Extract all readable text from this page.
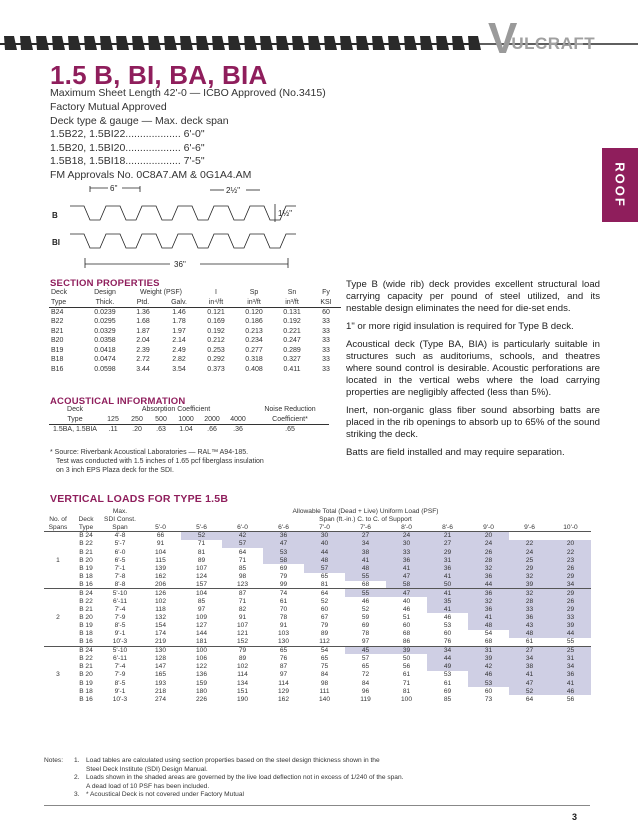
V
ULCRAFT
1.5 B, BI, BA, BIA
Maximum Sheet Length 42'-0 — ICBO Approved (No.3415)
Factory Mutual Approved
Deck type & gauge — Max. deck span
1.5B22, 1.5BI22................... 6'-0"
1.5B20, 1.5BI20................... 6'-6"
1.5B18, 1.5BI18................... 7'-5"
FM Approvals No. 0C8A7.AM & 0G1A4.AM	ROOF
6''	2½''
1½''
36''
B
BI
SECTION PROPERTIES
Deck	Design	Weight (PSF)		I	Sp	Sn	Fy
Type	Thick.	Ptd.	Galv.	in⁴/ft	in³/ft	in³/ft	KSI
B24	0.0239	1.36	1.46	0.121	0.120	0.131	60
B22	0.0295	1.68	1.78	0.169	0.186	0.192	33
B21	0.0329	1.87	1.97	0.192	0.213	0.221	33
B20	0.0358	2.04	2.14	0.212	0.234	0.247	33
B19	0.0418	2.39	2.49	0.253	0.277	0.289	33
B18	0.0474	2.72	2.82	0.292	0.318	0.327	33
B16	0.0598	3.44	3.54	0.373	0.408	0.411	33
ACOUSTICAL INFORMATION
Deck	Absorption Coefficient						Noise Reduction
Type	125	250	500	1000	2000	4000	Coefficient*
1.5BA, 1.5BIA	.11	.20	.63	1.04	.66	.36	.65
* Source: Riverbank Acoustical Laboratories — RAL™ A94-185.
Test was conducted with 1.5 inches of 1.65 pcf fiberglass insulation
on 3 inch EPS Plaza deck for the SDI.

Type B (wide rib) deck provides excellent structural load carrying capacity per pound of steel utilized, and its nestable design eliminates the need for die-set ends.

1" or more rigid insulation is required for Type B deck.

Acoustical deck (Type BA, BIA) is particularly suitable in structures such as auditoriums, schools, and theatres where sound control is desirable. Acoustic perforations are located in the vertical webs where the load carrying properties are negligibly affected (less than 5%).

Inert, non-organic glass fiber sound absorbing batts are placed in the rib openings to absorb up to 65% of the sound striking the deck.

Batts are field installed and may require separation.

VERTICAL LOADS FOR TYPE 1.5B
		Max.	Allowable Total (Dead + Live) Uniform Load (PSF)										
No. of	Deck	SDI Const.	Span (ft.-in.) C. to C. of Support										
Spans	Type	Span	5'-0	5'-6	6'-0	6'-6	7'-0	7'-6	8'-0	8'-6	9'-0	9'-6	10'-0
	B 24	4'-8	66	52	42	36	30	27	24	21	20		
	B 22	5'-7	91	71	57	47	40	34	30	27	24	22	20
	B 21	6'-0	104	81	64	53	44	38	33	29	26	24	22
1	B 20	6'-5	115	89	71	58	48	41	36	31	28	25	23
	B 19	7'-1	139	107	85	69	57	48	41	36	32	29	26
	B 18	7'-8	162	124	98	79	65	55	47	41	36	32	29
	B 16	8'-8	206	157	123	99	81	68	58	50	44	39	34
	B 24	5'-10	126	104	87	74	64	55	47	41	36	32	29
	B 22	6'-11	102	85	71	61	52	46	40	35	32	28	26
	B 21	7'-4	118	97	82	70	60	52	46	41	36	33	29
2	B 20	7'-9	132	109	91	78	67	59	51	46	41	36	33
	B 19	8'-5	154	127	107	91	79	69	60	53	48	43	39
	B 18	9'-1	174	144	121	103	89	78	68	60	54	48	44
	B 16	10'-3	219	181	152	130	112	97	86	76	68	61	55
	B 24	5'-10	130	100	79	65	54	45	39	34	31	27	25
	B 22	6'-11	128	106	89	76	65	57	50	44	39	34	31
	B 21	7'-4	147	122	102	87	75	65	56	49	42	38	34
3	B 20	7'-9	165	136	114	97	84	72	61	53	46	41	36
	B 19	8'-5	193	159	134	114	98	84	71	61	53	47	41
	B 18	9'-1	218	180	151	129	111	96	81	69	60	52	46
	B 16	10'-3	274	226	190	162	140	119	100	85	73	64	56
Notes:	1. Load tables are calculated using section properties based on the steel design thickness shown in the
Steel Deck Institute (SDI) Design Manual.
2. Loads shown in the shaded areas are governed by the live load deflection not in excess of 1/240 of the span.
A dead load of 10 PSF has been included.
3. * Acoustical Deck is not covered under Factory Mutual
3
